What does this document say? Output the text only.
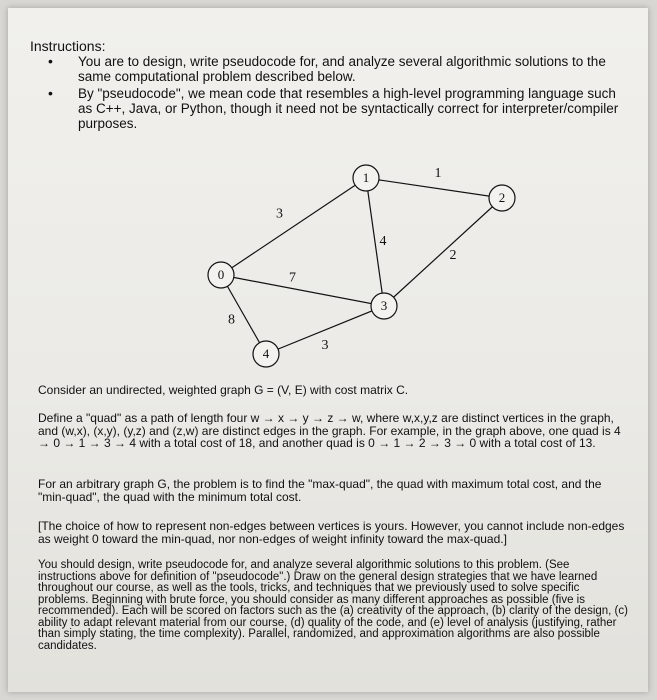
Instructions:
• You are to design, write pseudocode for, and analyze several algorithmic solutions to the same computational problem described below.
• By "pseudocode", we mean code that resembles a high-level programming language such as C++, Java, or Python, though it need not be syntactically correct for interpreter/compiler purposes.
3
1
4
2
7
8
3
0
1
2
3
4
Consider an undirected, weighted graph G = (V, E) with cost matrix C.
Define a "quad" as a path of length four w → x → y → z → w, where w,x,y,z are distinct vertices in the graph, and (w,x), (x,y), (y,z) and (z,w) are distinct edges in the graph. For example, in the graph above, one quad is 4 → 0 → 1 → 3 → 4 with a total cost of 18, and another quad is 0 → 1 → 2 → 3 → 0 with a total cost of 13.
For an arbitrary graph G, the problem is to find the "max-quad", the quad with maximum total cost, and the "min-quad", the quad with the minimum total cost.
[The choice of how to represent non-edges between vertices is yours. However, you cannot include non-edges as weight 0 toward the min-quad, nor non-edges of weight infinity toward the max-quad.]
You should design, write pseudocode for, and analyze several algorithmic solutions to this problem. (See instructions above for definition of "pseudocode".) Draw on the general design strategies that we have learned throughout our course, as well as the tools, tricks, and techniques that we previously used to solve specific problems. Beginning with brute force, you should consider as many different approaches as possible (five is recommended). Each will be scored on factors such as the (a) creativity of the approach, (b) clarity of the design, (c) ability to adapt relevant material from our course, (d) quality of the code, and (e) level of analysis (justifying, rather than simply stating, the time complexity). Parallel, randomized, and approximation algorithms are also possible candidates.
